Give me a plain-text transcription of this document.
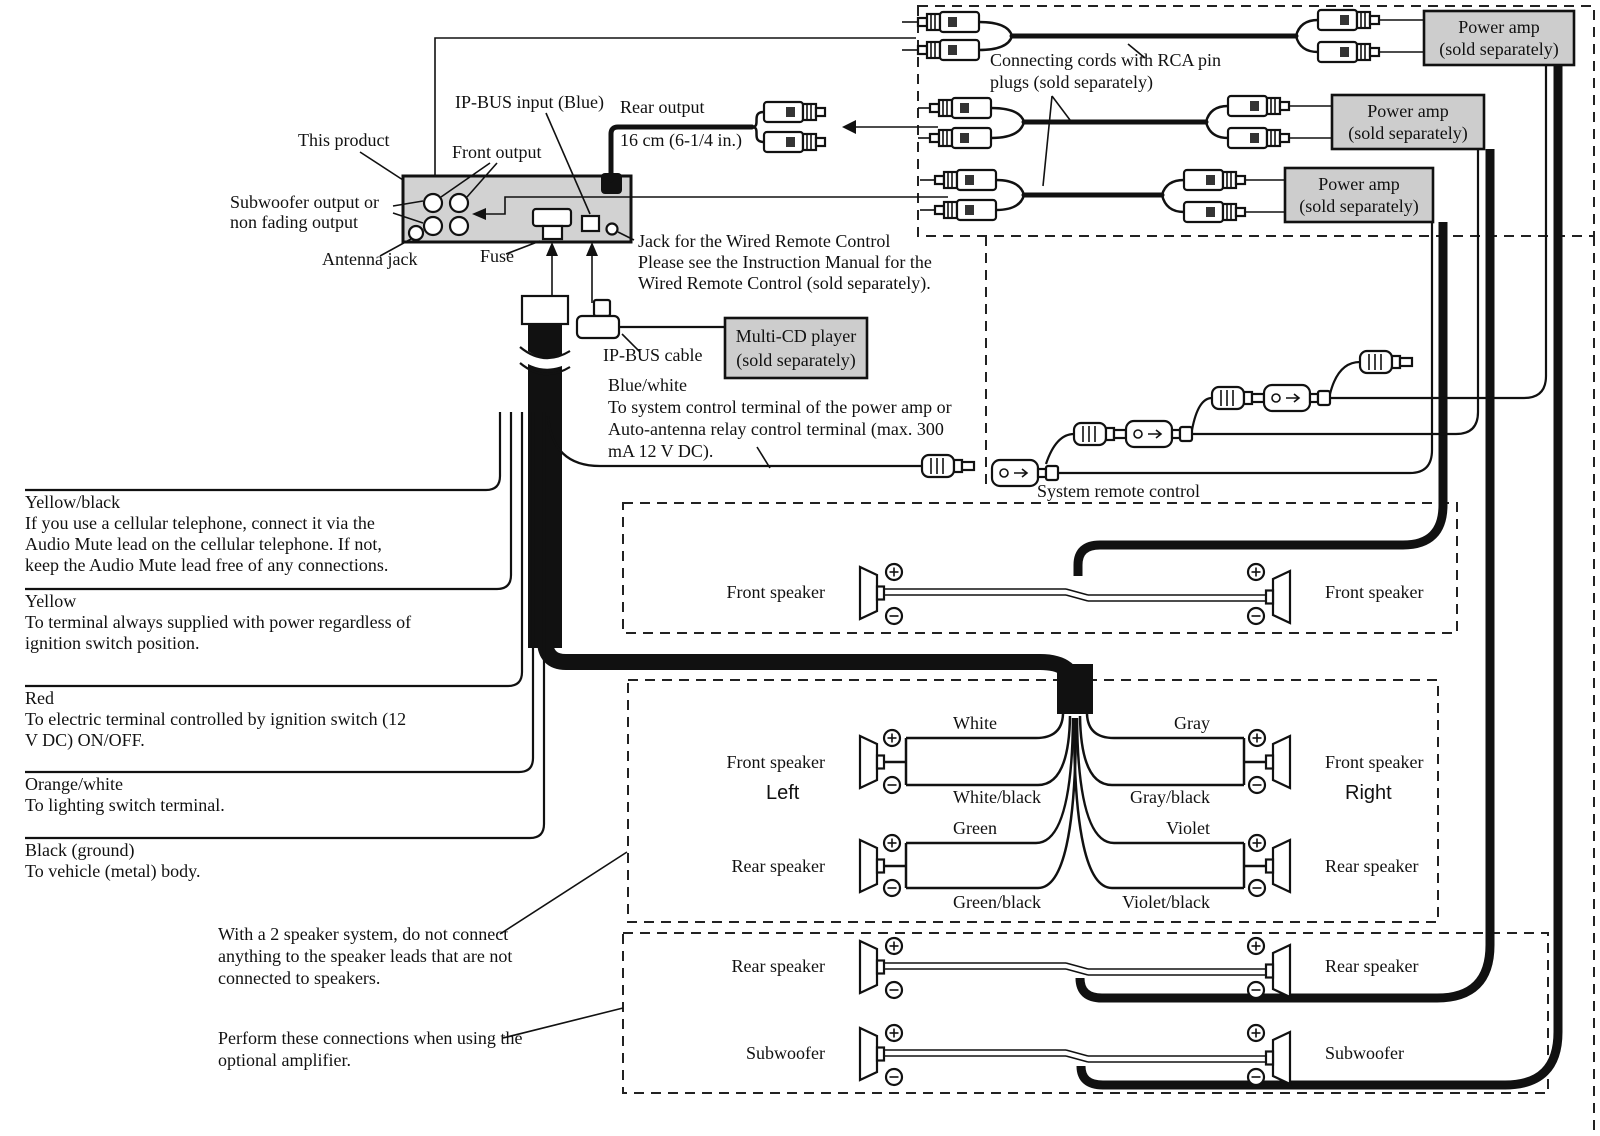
This product
Front output
IP-BUS input (Blue) Rear output
16 cm (6-1/4 in.)
Subwoofer output or
non fading output
Antenna jack	Fuse
Jack for the Wired Remote Control
Please see the Instruction Manual for the
Wired Remote Control (sold separately).
Connecting cords with RCA pin
plugs (sold separately)
Power amp
(sold separately)
Power amp
(sold separately)
Power amp
(sold separately)
IP-BUS cable
Multi-CD player
(sold separately)
Blue/white
To system control terminal of the power amp or
Auto-antenna relay control terminal (max. 300
mA 12 V DC).
System remote control
Yellow/black
If you use a cellular telephone, connect it via the
Audio Mute lead on the cellular telephone. If not,
keep the Audio Mute lead free of any connections.
Yellow
To terminal always supplied with power regardless of
ignition switch position.
Red
To electric terminal controlled by ignition switch (12
V DC) ON/OFF.
Orange/white
To lighting switch terminal.
Black (ground)
To vehicle (metal) body.
Front speaker	Front speaker
Front speaker	Front speaker
Rear speaker	Rear speaker
Left	Right
White	Gray
White/black	Gray/black
Green	Violet
Green/black	Violet/black
Rear speaker	Rear speaker
Subwoofer	Subwoofer
With a 2 speaker system, do not connect
anything to the speaker leads that are not
connected to speakers.
Perform these connections when using the
optional amplifier.
